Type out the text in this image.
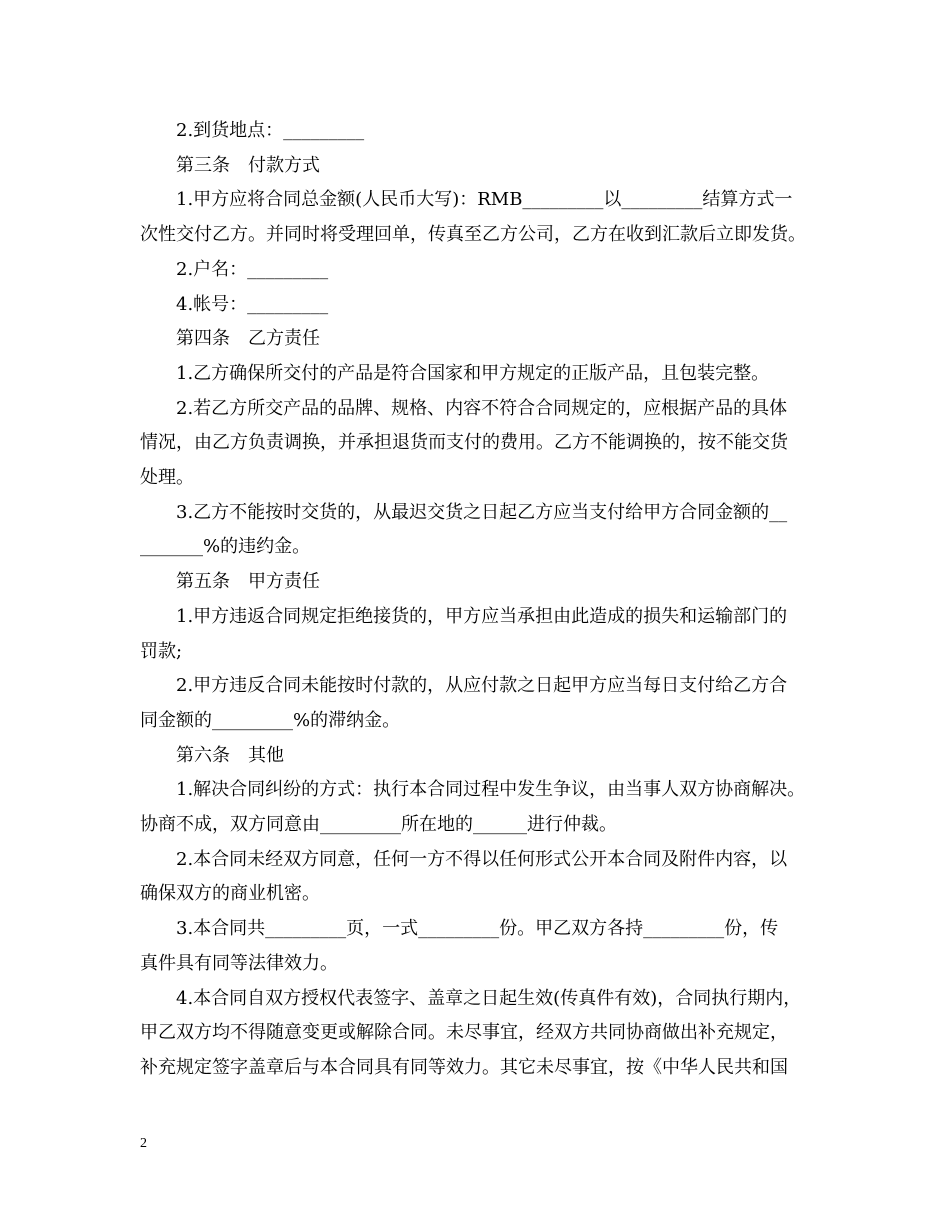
2.到货地点：_________
第三条　付款方式
1.甲方应将合同总金额(人民币大写)：RMB_________以_________结算方式一
次性交付乙方。并同时将受理回单，传真至乙方公司，乙方在收到汇款后立即发货。
2.户名：_________
4.帐号：_________
第四条　乙方责任
1.乙方确保所交付的产品是符合国家和甲方规定的正版产品，且包装完整。
2.若乙方所交产品的品牌、规格、内容不符合合同规定的，应根据产品的具体
情况，由乙方负责调换，并承担退货而支付的费用。乙方不能调换的，按不能交货
处理。
3.乙方不能按时交货的，从最迟交货之日起乙方应当支付给甲方合同金额的__
_______%的违约金。
第五条　甲方责任
1.甲方违返合同规定拒绝接货的，甲方应当承担由此造成的损失和运输部门的
罚款;
2.甲方违反合同未能按时付款的，从应付款之日起甲方应当每日支付给乙方合
同金额的_________%的滞纳金。
第六条　其他
1.解决合同纠纷的方式：执行本合同过程中发生争议，由当事人双方协商解决。
协商不成，双方同意由_________所在地的______进行仲裁。
2.本合同未经双方同意，任何一方不得以任何形式公开本合同及附件内容，以
确保双方的商业机密。
3.本合同共_________页，一式_________份。甲乙双方各持_________份，传
真件具有同等法律效力。
4.本合同自双方授权代表签字、盖章之日起生效(传真件有效)，合同执行期内，
甲乙双方均不得随意变更或解除合同。未尽事宜，经双方共同协商做出补充规定，
补充规定签字盖章后与本合同具有同等效力。其它未尽事宜，按《中华人民共和国
2
